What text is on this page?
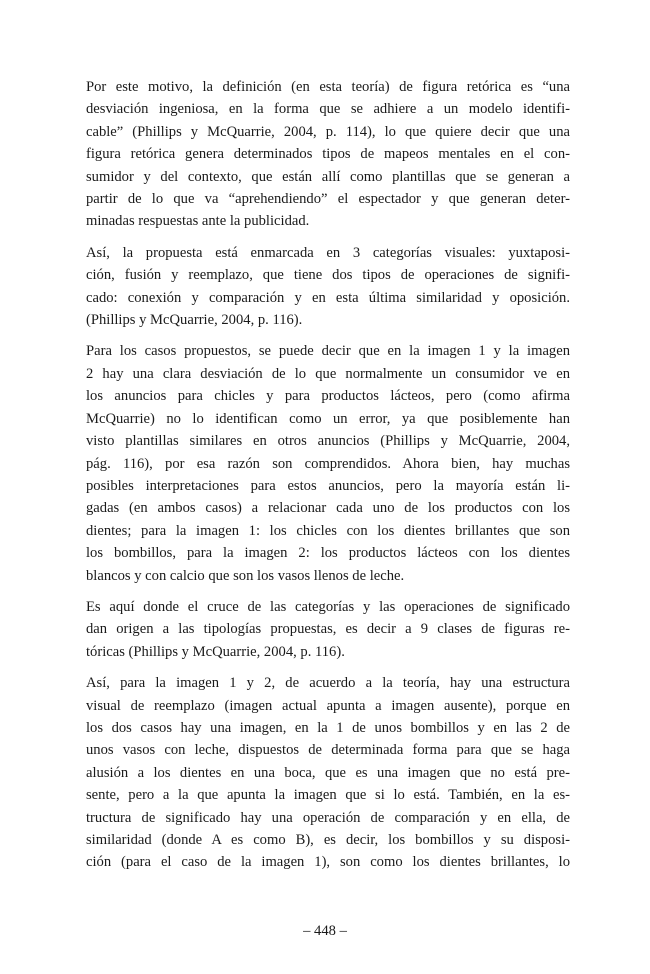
Por este motivo, la definición (en esta teoría) de figura retórica es “una
desviación ingeniosa, en la forma que se adhiere a un modelo identifi-
cable” (Phillips y McQuarrie, 2004, p. 114), lo que quiere decir que una
figura retórica genera determinados tipos de mapeos mentales en el con-
sumidor y del contexto, que están allí como plantillas que se generan a
partir de lo que va “aprehendiendo” el espectador y que generan deter-
minadas respuestas ante la publicidad.

Así, la propuesta está enmarcada en 3 categorías visuales: yuxtaposi-
ción, fusión y reemplazo, que tiene dos tipos de operaciones de signifi-
cado: conexión y comparación y en esta última similaridad y oposición.
(Phillips y McQuarrie, 2004, p. 116).

Para los casos propuestos, se puede decir que en la imagen 1 y la imagen
2 hay una clara desviación de lo que normalmente un consumidor ve en
los anuncios para chicles y para productos lácteos, pero (como afirma
McQuarrie) no lo identifican como un error, ya que posiblemente han
visto plantillas similares en otros anuncios (Phillips y McQuarrie, 2004,
pág. 116), por esa razón son comprendidos. Ahora bien, hay muchas
posibles interpretaciones para estos anuncios, pero la mayoría están li-
gadas (en ambos casos) a relacionar cada uno de los productos con los
dientes; para la imagen 1: los chicles con los dientes brillantes que son
los bombillos, para la imagen 2: los productos lácteos con los dientes
blancos y con calcio que son los vasos llenos de leche.

Es aquí donde el cruce de las categorías y las operaciones de significado
dan origen a las tipologías propuestas, es decir a 9 clases de figuras re-
tóricas (Phillips y McQuarrie, 2004, p. 116).

Así, para la imagen 1 y 2, de acuerdo a la teoría, hay una estructura
visual de reemplazo (imagen actual apunta a imagen ausente), porque en
los dos casos hay una imagen, en la 1 de unos bombillos y en las 2 de
unos vasos con leche, dispuestos de determinada forma para que se haga
alusión a los dientes en una boca, que es una imagen que no está pre-
sente, pero a la que apunta la imagen que si lo está. También, en la es-
tructura de significado hay una operación de comparación y en ella, de
similaridad (donde A es como B), es decir, los bombillos y su disposi-
ción (para el caso de la imagen 1), son como los dientes brillantes, lo

– 448 –
